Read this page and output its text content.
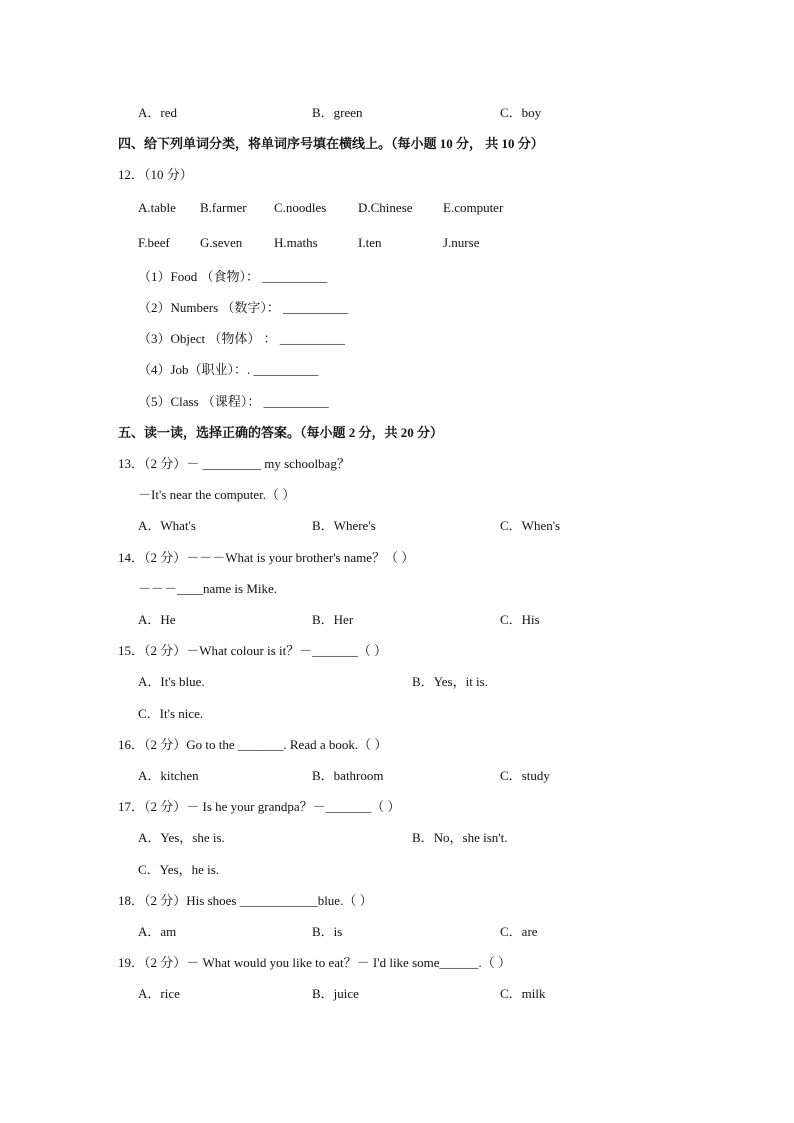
A．red	B．green	C．boy
四、给下列单词分类，将单词序号填在横线上。（每小题 10 分， 共 10 分）
12．（10 分）
A.table B.farmer C.noodles D.Chinese E.computer
F.beef G.seven H.maths	I.ten	J.nurse
（1）Food （食物）： __________
（2）Numbers （数字）： __________
（3）Object （物体） ： __________
（4）Job（职业）：. __________
（5）Class （课程）： __________
五、读一读，选择正确的答案。（每小题 2 分，共 20 分）
13．（2 分）－ _________ my schoolbag？
－It's near the computer.（ ）
A．What's	B．Where's	C．When's
14．（2 分）－－－What is your brother's name？（ ）
－－－____name is Mike.
A．He	B．Her	C．His
15．（2 分）－What colour is it？－_______（ ）
A．It's blue.	B．Yes，it is.
C．It's nice.
16．（2 分）Go to the _______. Read a book.（ ）
A．kitchen	B．bathroom	C．study
17．（2 分）－ Is he your grandpa？－_______（ ）
A．Yes，she is.	B．No，she isn't.
C．Yes，he is.
18．（2 分）His shoes ____________blue.（ ）
A．am	B．is	C．are
19．（2 分）－ What would you like to eat？－ I'd like some______.（ ）
A．rice	B．juice	C．milk
